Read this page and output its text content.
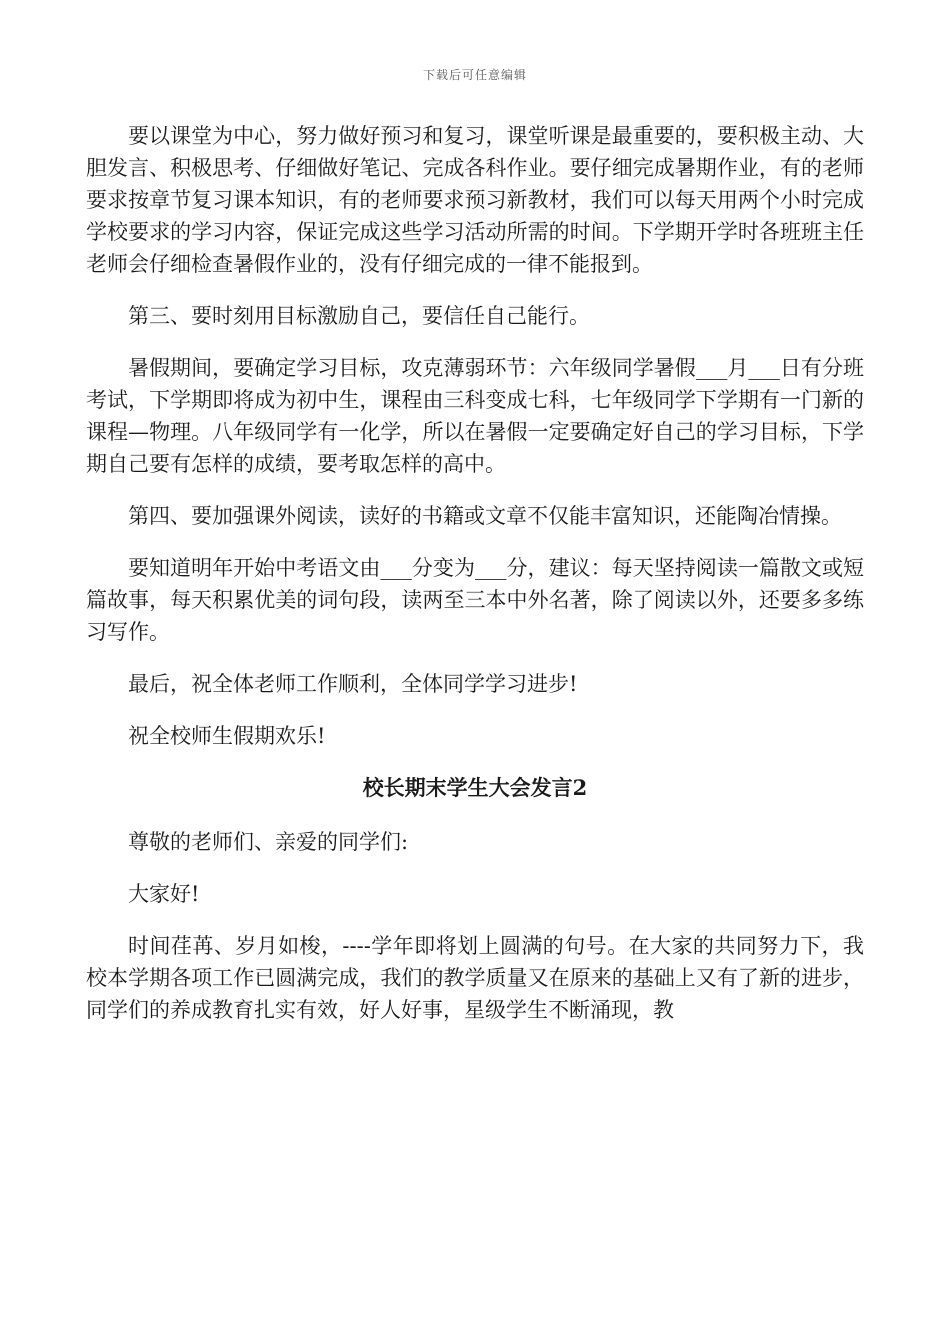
下载后可任意编辑

要以课堂为中心，努力做好预习和复习，课堂听课是最重要的，要积极主动、大胆发言、积极思考、仔细做好笔记、完成各科作业。要仔细完成暑期作业，有的老师要求按章节复习课本知识，有的老师要求预习新教材，我们可以每天用两个小时完成学校要求的学习内容，保证完成这些学习活动所需的时间。下学期开学时各班班主任老师会仔细检查暑假作业的，没有仔细完成的一律不能报到。

第三、要时刻用目标激励自己，要信任自己能行。

暑假期间，要确定学习目标，攻克薄弱环节：六年级同学暑假___月___日有分班考试，下学期即将成为初中生，课程由三科变成七科，七年级同学下学期有一门新的课程—物理。八年级同学有一化学，所以在暑假一定要确定好自己的学习目标，下学期自己要有怎样的成绩，要考取怎样的高中。

第四、要加强课外阅读，读好的书籍或文章不仅能丰富知识，还能陶冶情操。

要知道明年开始中考语文由___分变为___分，建议：每天坚持阅读一篇散文或短篇故事，每天积累优美的词句段，读两至三本中外名著，除了阅读以外，还要多多练习写作。

最后，祝全体老师工作顺利，全体同学学习进步!

祝全校师生假期欢乐!

校长期末学生大会发言2

尊敬的老师们、亲爱的同学们:

大家好!

时间荏苒、岁月如梭，----学年即将划上圆满的句号。在大家的共同努力下，我校本学期各项工作已圆满完成，我们的教学质量又在原来的基础上又有了新的进步，同学们的养成教育扎实有效，好人好事，星级学生不断涌现，教
